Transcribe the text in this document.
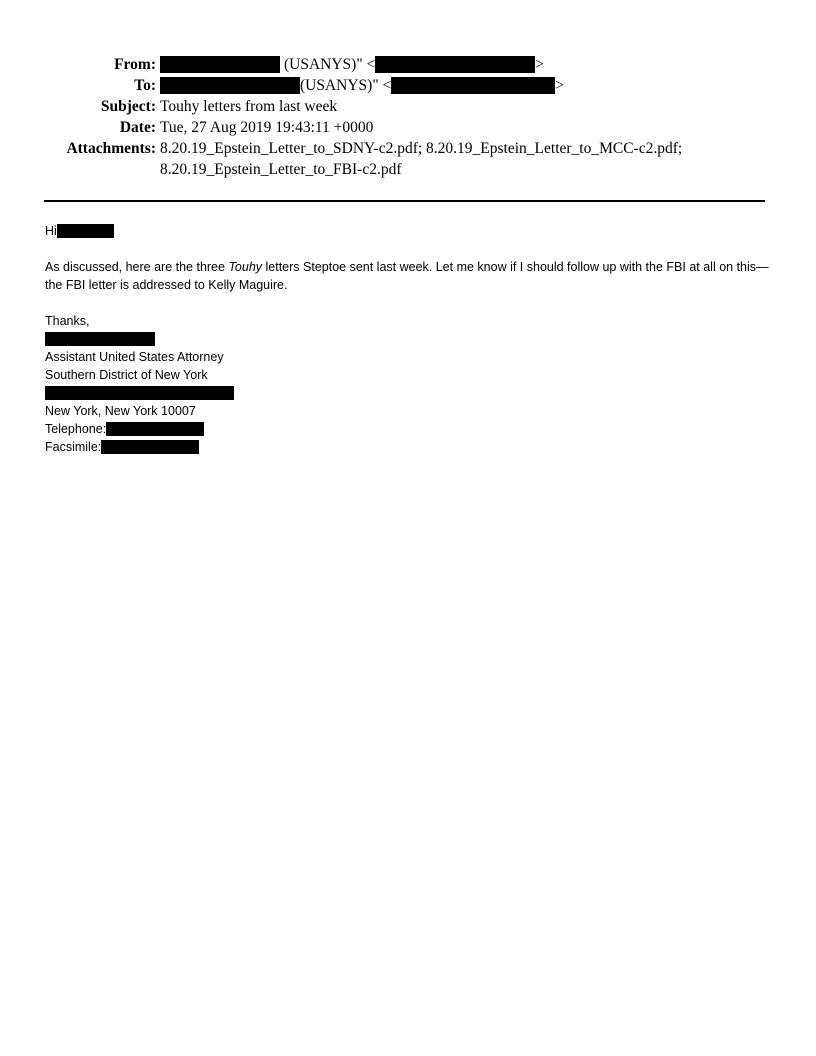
From:	(USANYS)" <	>
To:	(USANYS)" <	>
Subject: Touhy letters from last week
Date: Tue, 27 Aug 2019 19:43:11 +0000
Attachments: 8.20.19_Epstein_Letter_to_SDNY-c2.pdf; 8.20.19_Epstein_Letter_to_MCC-c2.pdf;
8.20.19_Epstein_Letter_to_FBI-c2.pdf
Hi

As discussed, here are the three Touhy letters Steptoe sent last week. Let me know if I should follow up with the FBI at all on this—the FBI letter is addressed to Kelly Maguire.

Thanks,

Assistant United States Attorney

Southern District of New York

New York, New York 10007

Telephone:
Facsimile:
